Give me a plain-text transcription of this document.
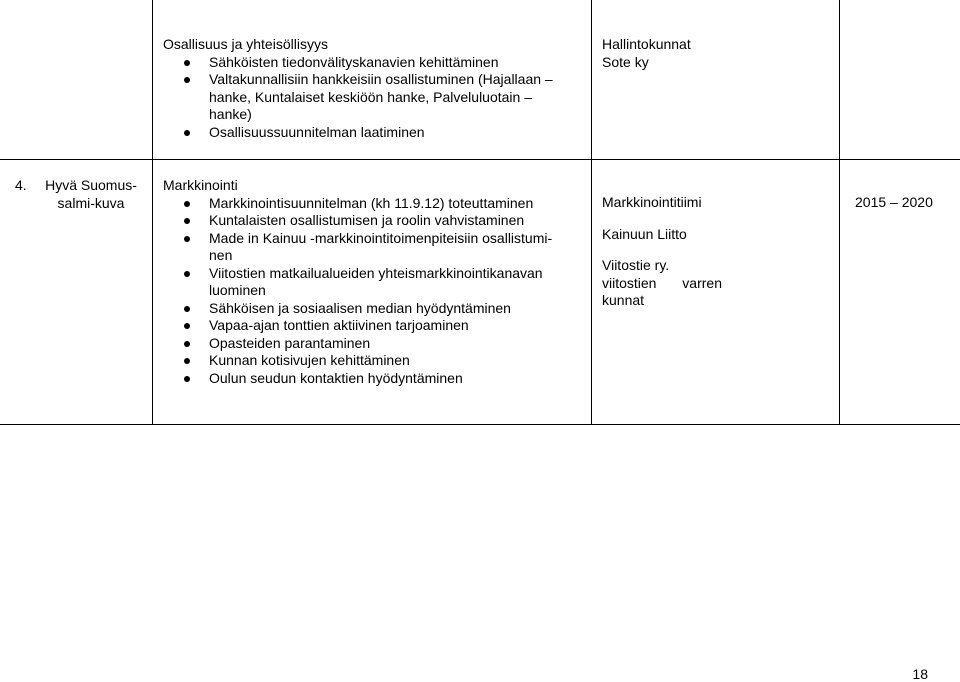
Osallisuus ja yhteisöllisyys
Sähköisten tiedonvälityskanavien kehittäminen
Valtakunnallisiin hankkeisiin osallistuminen (Hajallaan –
hanke, Kuntalaiset keskiöön hanke, Palveluluotain –
hanke)
Osallisuussuunnitelman laatiminen
Hallintokunnat
Sote ky
4.	Hyvä Suomus-
salmi-kuva
Markkinointi
Markkinointisuunnitelman (kh 11.9.12) toteuttaminen
Kuntalaisten osallistumisen ja roolin vahvistaminen
Made in Kainuu -markkinointitoimenpiteisiin osallistumi-
nen
Viitostien matkailualueiden yhteismarkkinointikanavan
luominen
Sähköisen ja sosiaalisen median hyödyntäminen
Vapaa-ajan tonttien aktiivinen tarjoaminen
Opasteiden parantaminen
Kunnan kotisivujen kehittäminen
Oulun seudun kontaktien hyödyntäminen
Markkinointitiimi
Kainuun Liitto
Viitostie ry.
viitostien varren
kunnat
2015 – 2020
18
